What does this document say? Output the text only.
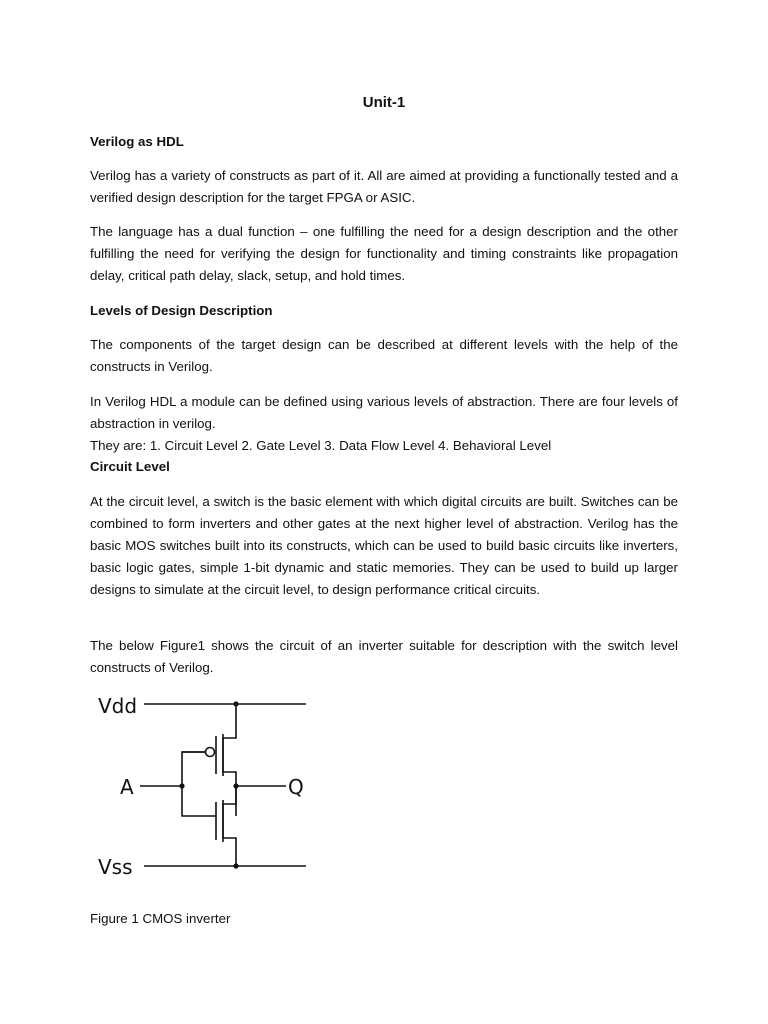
Unit-1

Verilog as HDL

Verilog has a variety of constructs as part of it. All are aimed at providing a functionally tested and a verified design description for the target FPGA or ASIC.

The language has a dual function – one fulfilling the need for a design description and the other fulfilling the need for verifying the design for functionality and timing constraints like propagation delay, critical path delay, slack, setup, and hold times.

Levels of Design Description

The components of the target design can be described at different levels with the help of the constructs in Verilog.

In Verilog HDL a module can be defined using various levels of abstraction. There are four levels of abstraction in verilog.

They are: 1. Circuit Level 2. Gate Level 3. Data Flow Level 4. Behavioral Level

Circuit Level

At the circuit level, a switch is the basic element with which digital circuits are built. Switches can be combined to form inverters and other gates at the next higher level of abstraction. Verilog has the basic MOS switches built into its constructs, which can be used to build basic circuits like inverters, basic logic gates, simple 1-bit dynamic and static memories. They can be used to build up larger designs to simulate at the circuit level, to design performance critical circuits.

The below Figure1 shows the circuit of an inverter suitable for description with the switch level constructs of Verilog.

Vdd
A	Q
Vss
Figure 1 CMOS inverter
